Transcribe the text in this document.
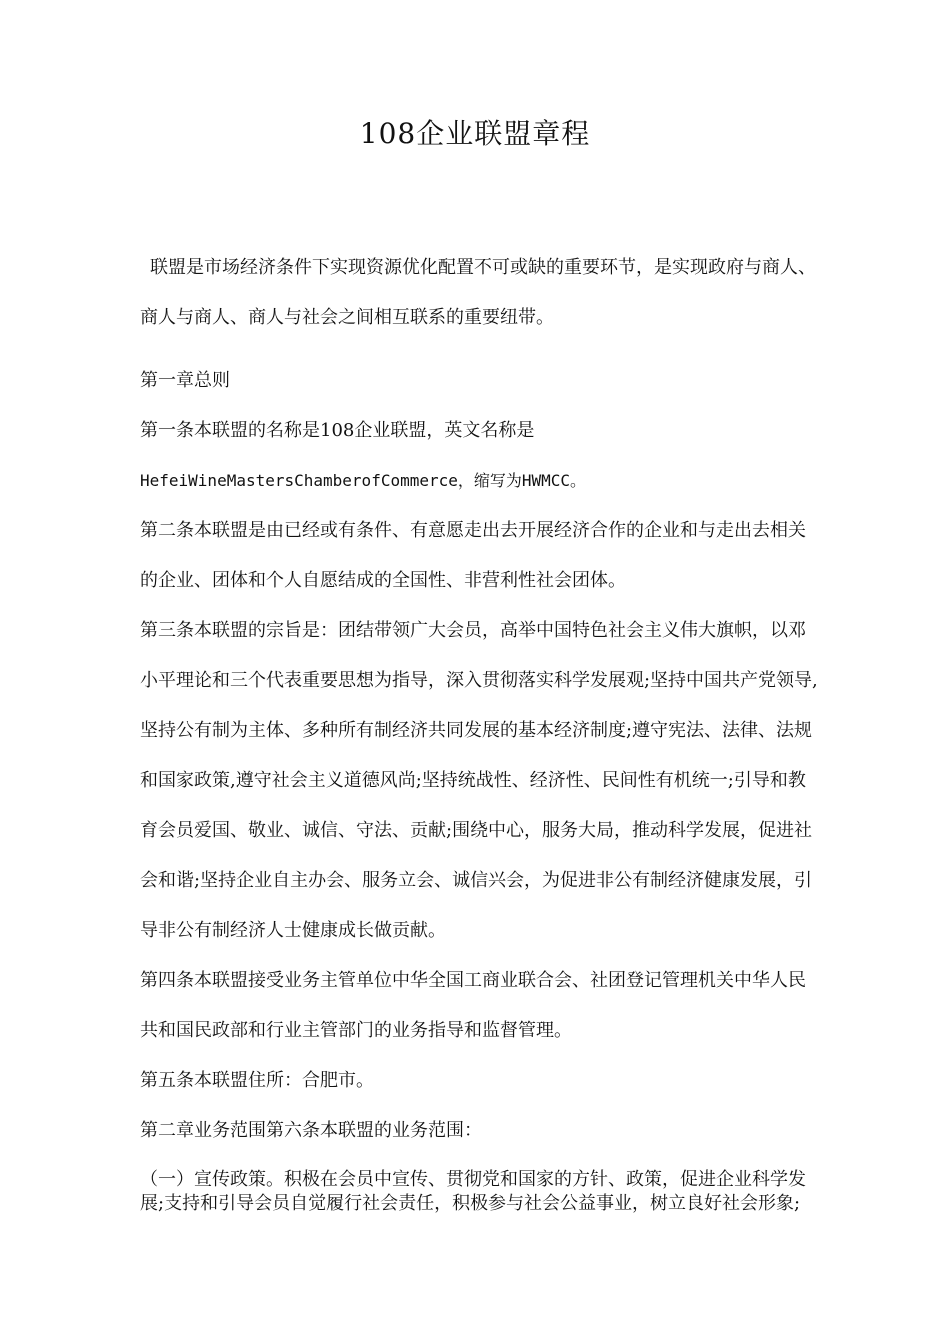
108企业联盟章程
联盟是市场经济条件下实现资源优化配置不可或缺的重要环节，是实现政府与商人、
商人与商人、商人与社会之间相互联系的重要纽带。
第一章总则
第一条本联盟的名称是108企业联盟，英文名称是
HefeiWineMastersChamberofCommerce，缩写为HWMCC。
第二条本联盟是由已经或有条件、有意愿走出去开展经济合作的企业和与走出去相关
的企业、团体和个人自愿结成的全国性、非营利性社会团体。
第三条本联盟的宗旨是：团结带领广大会员，高举中国特色社会主义伟大旗帜，以邓
小平理论和三个代表重要思想为指导，深入贯彻落实科学发展观;坚持中国共产党领导,
坚持公有制为主体、多种所有制经济共同发展的基本经济制度;遵守宪法、法律、法规
和国家政策,遵守社会主义道德风尚;坚持统战性、经济性、民间性有机统一;引导和教
育会员爱国、敬业、诚信、守法、贡献;围绕中心，服务大局，推动科学发展，促进社
会和谐;坚持企业自主办会、服务立会、诚信兴会，为促进非公有制经济健康发展，引
导非公有制经济人士健康成长做贡献。
第四条本联盟接受业务主管单位中华全国工商业联合会、社团登记管理机关中华人民
共和国民政部和行业主管部门的业务指导和监督管理。
第五条本联盟住所：合肥市。
第二章业务范围第六条本联盟的业务范围：
（一）宣传政策。积极在会员中宣传、贯彻党和国家的方针、政策，促进企业科学发
展;支持和引导会员自觉履行社会责任，积极参与社会公益事业，树立良好社会形象;
